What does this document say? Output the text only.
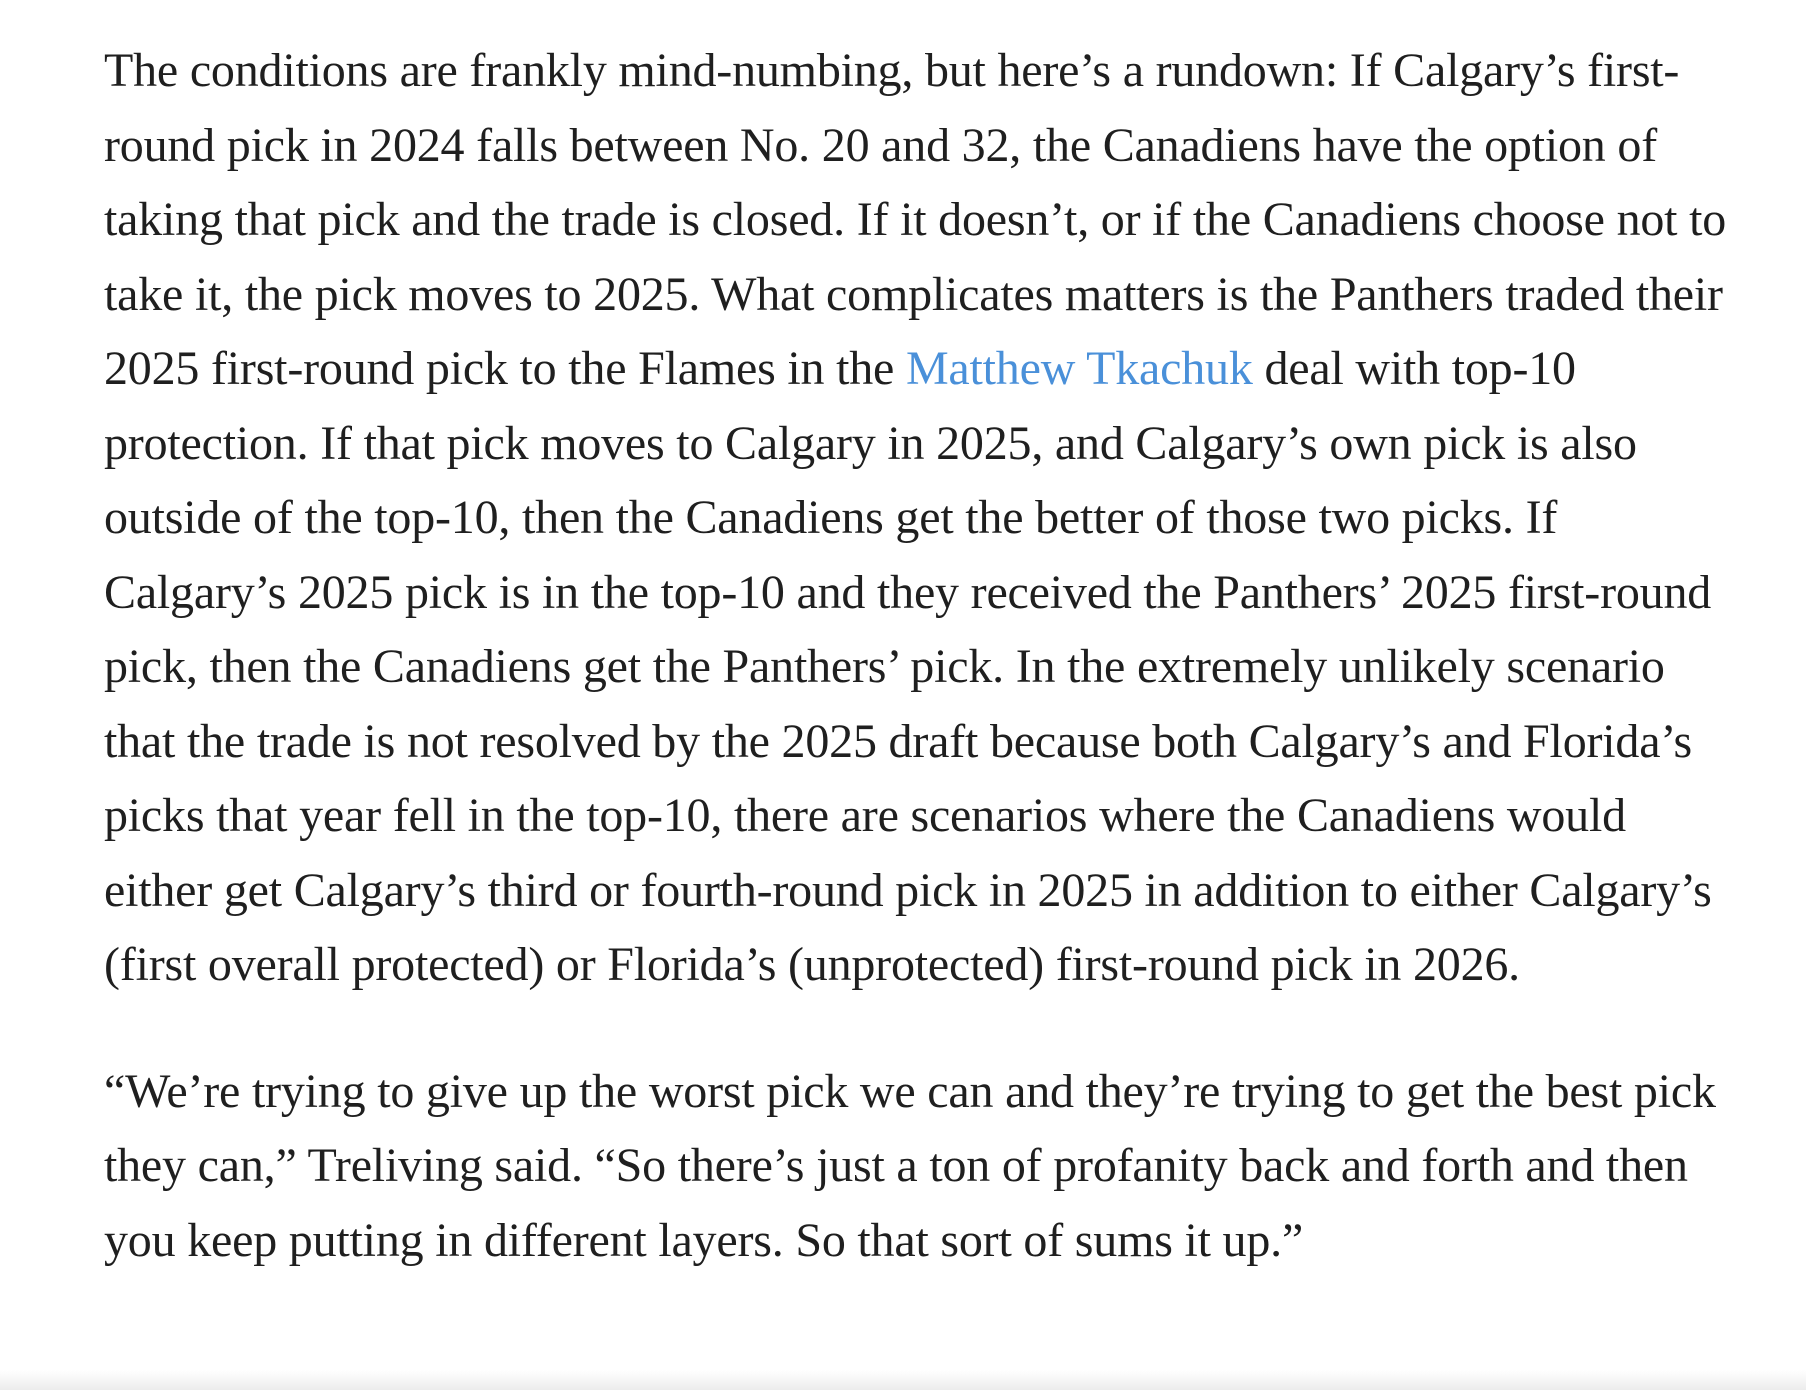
The conditions are frankly mind-numbing, but here’s a rundown: If Calgary’s first-round pick in 2024 falls between No. 20 and 32, the Canadiens have the option of taking that pick and the trade is closed. If it doesn’t, or if the Canadiens choose not to take it, the pick moves to 2025. What complicates matters is the Panthers traded their 2025 first-round pick to the Flames in the Matthew Tkachuk deal with top-10 protection. If that pick moves to Calgary in 2025, and Calgary’s own pick is also outside of the top-10, then the Canadiens get the better of those two picks. If Calgary’s 2025 pick is in the top-10 and they received the Panthers’ 2025 first-round pick, then the Canadiens get the Panthers’ pick. In the extremely unlikely scenario that the trade is not resolved by the 2025 draft because both Calgary’s and Florida’s picks that year fell in the top-10, there are scenarios where the Canadiens would either get Calgary’s third or fourth-round pick in 2025 in addition to either Calgary’s (first overall protected) or Florida’s (unprotected) first-round pick in 2026.

“We’re trying to give up the worst pick we can and they’re trying to get the best pick they can,” Treliving said. “So there’s just a ton of profanity back and forth and then you keep putting in different layers. So that sort of sums it up.”
